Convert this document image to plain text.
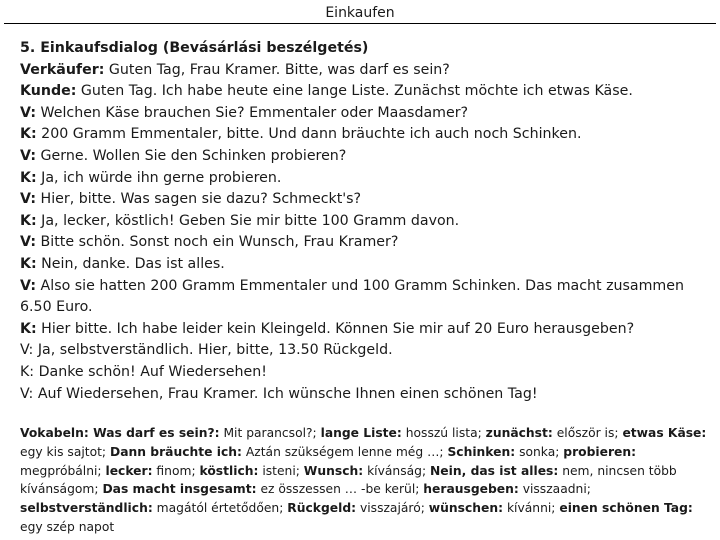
Einkaufen
5. Einkaufsdialog (Bevásárlási beszélgetés)
Verkäufer: Guten Tag, Frau Kramer. Bitte, was darf es sein?
Kunde: Guten Tag. Ich habe heute eine lange Liste. Zunächst möchte ich etwas Käse.
V: Welchen Käse brauchen Sie? Emmentaler oder Maasdamer?
K: 200 Gramm Emmentaler, bitte. Und dann bräuchte ich auch noch Schinken.
V: Gerne. Wollen Sie den Schinken probieren?
K: Ja, ich würde ihn gerne probieren.
V: Hier, bitte. Was sagen sie dazu? Schmeckt's?
K: Ja, lecker, köstlich! Geben Sie mir bitte 100 Gramm davon.
V: Bitte schön. Sonst noch ein Wunsch, Frau Kramer?
K: Nein, danke. Das ist alles.
V: Also sie hatten 200 Gramm Emmentaler und 100 Gramm Schinken. Das macht zusammen 6.50 Euro.
K: Hier bitte. Ich habe leider kein Kleingeld. Können Sie mir auf 20 Euro herausgeben?
V: Ja, selbstverständlich. Hier, bitte, 13.50 Rückgeld.
K: Danke schön! Auf Wiedersehen!
V: Auf Wiedersehen, Frau Kramer. Ich wünsche Ihnen einen schönen Tag!
Vokabeln: Was darf es sein?: Mit parancsol?; lange Liste: hosszú lista; zunächst: először is; etwas Käse: egy kis sajtot; Dann bräuchte ich: Aztán szükségem lenne még …; Schinken: sonka; probieren: megpróbálni; lecker: finom; köstlich: isteni; Wunsch: kívánság; Nein, das ist alles: nem, nincsen több kívánságom; Das macht insgesamt: ez összessen … -be kerül; herausgeben: visszaadni; selbstverständlich: magától értetődően; Rückgeld: visszajáró; wünschen: kívánni; einen schönen Tag: egy szép napot
